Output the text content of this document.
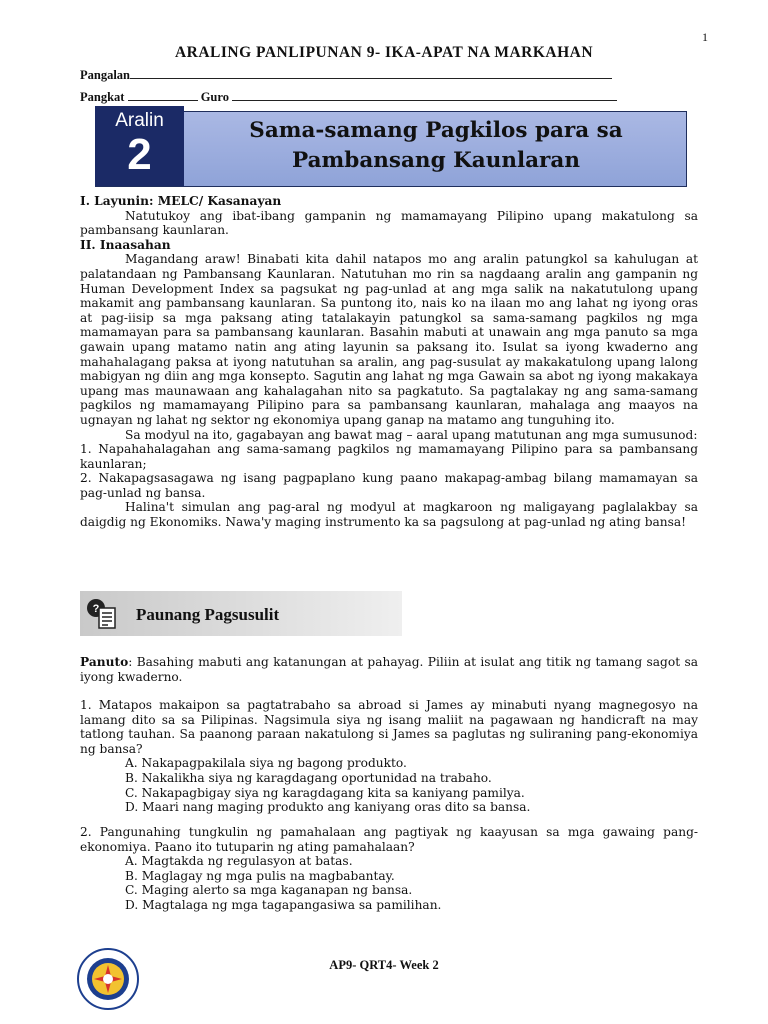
1
ARALING PANLIPUNAN 9- IKA-APAT NA MARKAHAN
Pangalan
Pangkat	Guro
Aralin
2	Sama-samang Pagkilos para sa
Pambansang Kaunlaran

I. Layunin: MELC/ Kasanayan

Natutukoy ang ibat-ibang gampanin ng mamamayang Pilipino upang makatulong sa pambansang kaunlaran.

II. Inaasahan

Magandang araw! Binabati kita dahil natapos mo ang aralin patungkol sa kahulugan at palatandaan ng Pambansang Kaunlaran. Natutuhan mo rin sa nagdaang aralin ang gampanin ng Human Development Index sa pagsukat ng pag-unlad at ang mga salik na nakatutulong upang makamit ang pambansang kaunlaran. Sa puntong ito, nais ko na ilaan mo ang lahat ng iyong oras at pag-iisip sa mga paksang ating tatalakayin patungkol sa sama-samang pagkilos ng mga mamamayan para sa pambansang kaunlaran. Basahin mabuti at unawain ang mga panuto sa mga gawain upang matamo natin ang ating layunin sa paksang ito. Isulat sa iyong kwaderno ang mahahalagang paksa at iyong natutuhan sa aralin, ang pag-susulat ay makakatulong upang lalong mabigyan ng diin ang mga konsepto. Sagutin ang lahat ng mga Gawain sa abot ng iyong makakaya upang mas maunawaan ang kahalagahan nito sa pagkatuto. Sa pagtalakay ng ang sama-samang pagkilos ng mamamayang Pilipino para sa pambansang kaunlaran, mahalaga ang maayos na ugnayan ng lahat ng sektor ng ekonomiya upang ganap na matamo ang tunguhing ito.

Sa modyul na ito, gagabayan ang bawat mag – aaral upang matutunan ang mga sumusunod:

1. Napahahalagahan ang sama-samang pagkilos ng mamamayang Pilipino para sa pambansang kaunlaran;

2. Nakapagsasagawa ng isang pagpaplano kung paano makapag-ambag bilang mamamayan sa pag-unlad ng bansa.

Halina't simulan ang pag-aral ng modyul at magkaroon ng maligayang paglalakbay sa daigdig ng Ekonomiks. Nawa'y maging instrumento ka sa pagsulong at pag-unlad ng ating bansa!

? Paunang Pagsusulit

Panuto: Basahing mabuti ang katanungan at pahayag. Piliin at isulat ang titik ng tamang sagot sa iyong kwaderno.

1. Matapos makaipon sa pagtatrabaho sa abroad si James ay minabuti nyang magnegosyo na lamang dito sa sa Pilipinas. Nagsimula siya ng isang maliit na pagawaan ng handicraft na may tatlong tauhan. Sa paanong paraan nakatulong si James sa paglutas ng suliraning pang-ekonomiya ng bansa?

A. Nakapagpakilala siya ng bagong produkto.

B. Nakalikha siya ng karagdagang oportunidad na trabaho.

C. Nakapagbigay siya ng karagdagang kita sa kaniyang pamilya.

D. Maari nang maging produkto ang kaniyang oras dito sa bansa.

2. Pangunahing tungkulin ng pamahalaan ang pagtiyak ng kaayusan sa mga gawaing pang-ekonomiya. Paano ito tutuparin ng ating pamahalaan?

A. Magtakda ng regulasyon at batas.

B. Maglagay ng mga pulis na magbabantay.

C. Maging alerto sa mga kaganapan ng bansa.

D. Magtalaga ng mga tagapangasiwa sa pamilihan.

AP9- QRT4- Week 2
